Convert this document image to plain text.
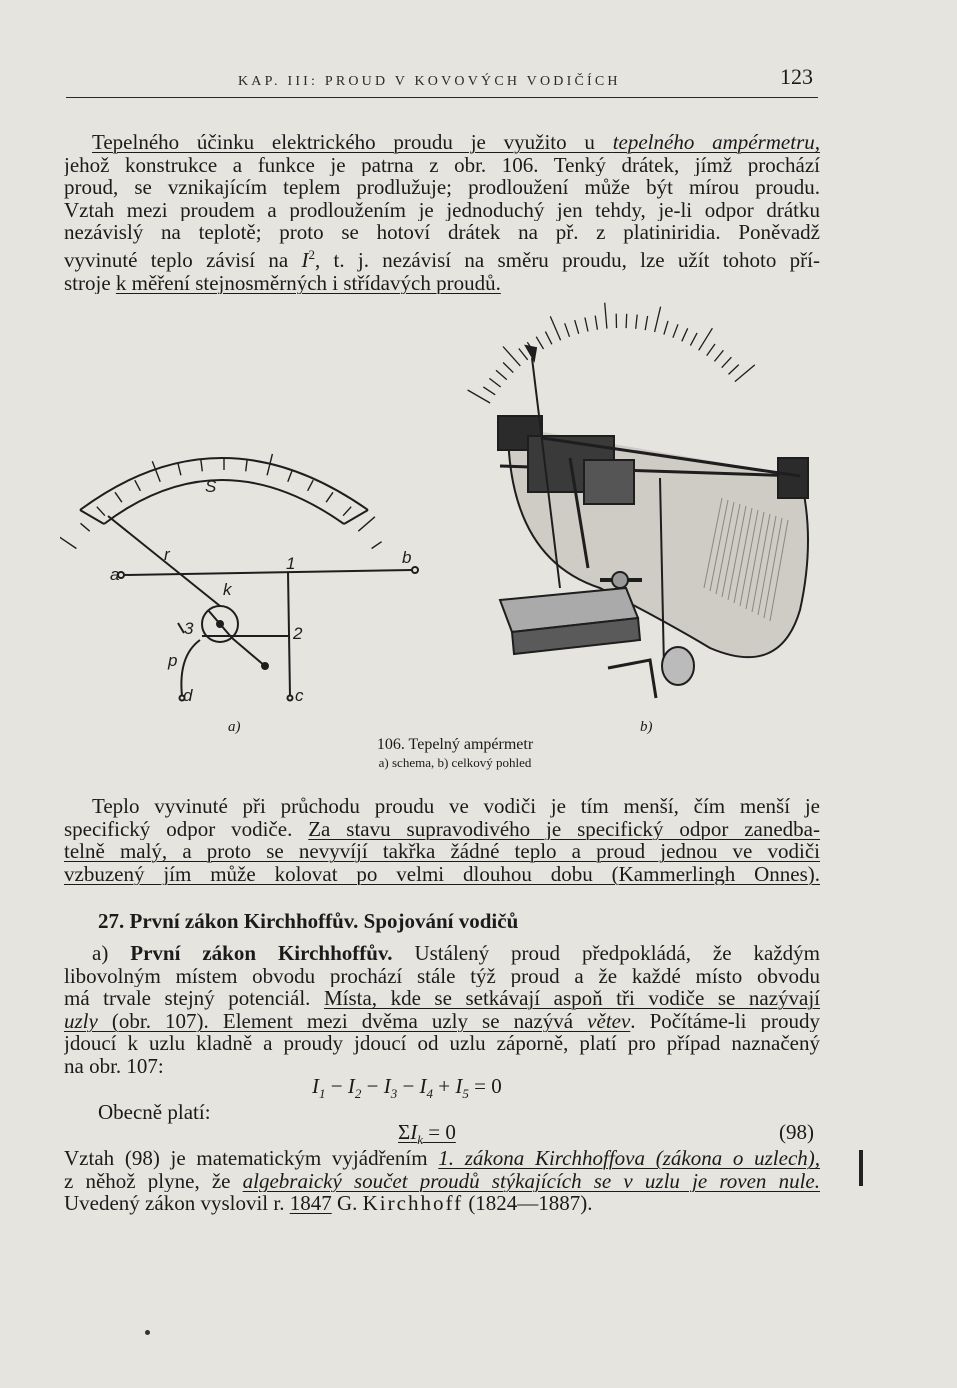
KAP. III: PROUD V KOVOVÝCH VODIČÍCH	123
Tepelného účinku elektrického proudu je využito u tepelného ampérmetru,
jehož konstrukce a funkce je patrna z obr. 106. Tenký drátek, jímž prochází
proud, se vznikajícím teplem prodlužuje; prodloužení může být mírou proudu.
Vztah mezi proudem a prodloužením je jednoduchý jen tehdy, je-li odpor drátku
nezávislý na teplotě; proto se hotoví drátek na př. z platiniridia. Poněvadž
vyvinuté teplo závisí na $I^2$, t. j. nezávisí na směru proudu, lze užít tohoto pří-
stroje k měření stejnosměrných i střídavých proudů.
S
r	1	b
a
k
3	2
p
d	c
a)	b)
106. Tepelný ampérmetr
a) schema, b) celkový pohled
Teplo vyvinuté při průchodu proudu ve vodiči je tím menší, čím menší je
specifický odpor vodiče. Za stavu supravodivého je specifický odpor zanedba-
telně malý, a proto se nevyvíjí takřka žádné teplo a proud jednou ve vodiči
vzbuzený jím může kolovat po velmi dlouhou dobu (Kammerlingh Onnes).
27. První zákon Kirchhoffův. Spojování vodičů
a) První zákon Kirchhoffův. Ustálený proud předpokládá, že každým
libovolným místem obvodu prochází stále týž proud a že každé místo obvodu
má trvale stejný potenciál. Místa, kde se setkávají aspoň tři vodiče se nazývají
uzly (obr. 107). Element mezi dvěma uzly se nazývá větev. Počítáme-li proudy
jdoucí k uzlu kladně a proudy jdoucí od uzlu záporně, platí pro případ naznačený
na obr. 107:
$I_1 - I_2 - I_3 - I_4 + I_5 = 0$
Obecně platí:
$\Sigma I_k = 0$	(98)
Vztah (98) je matematickým vyjádřením 1. zákona Kirchhoffova (zákona o uzlech),
z něhož plyne, že algebraický součet proudů stýkajících se v uzlu je roven nule.
Uvedený zákon vyslovil r. 1847 G. Kirchhoff (1824—1887).
